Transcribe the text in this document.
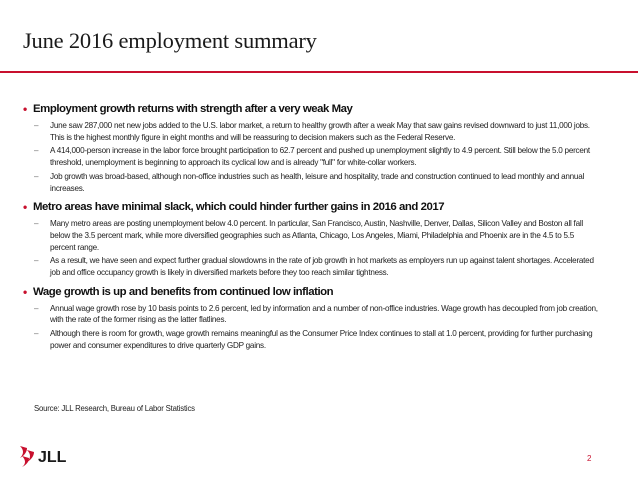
June 2016 employment summary
• Employment growth returns with strength after a very weak May
– June saw 287,000 net new jobs added to the U.S. labor market, a return to healthy growth after a weak May that saw gains revised downward to just 11,000 jobs. This is the highest monthly figure in eight months and will be reassuring to decision makers such as the Federal Reserve.
– A 414,000-person increase in the labor force brought participation to 62.7 percent and pushed up unemployment slightly to 4.9 percent. Still below the 5.0 percent threshold, unemployment is beginning to approach its cyclical low and is already "full" for white-collar workers.
– Job growth was broad-based, although non-office industries such as health, leisure and hospitality, trade and construction continued to lead monthly and annual increases.
• Metro areas have minimal slack, which could hinder further gains in 2016 and 2017
– Many metro areas are posting unemployment below 4.0 percent. In particular, San Francisco, Austin, Nashville, Denver, Dallas, Silicon Valley and Boston all fall below the 3.5 percent mark, while more diversified geographies such as Atlanta, Chicago, Los Angeles, Miami, Philadelphia and Phoenix are in the 4.5 to 5.5 percent range.
– As a result, we have seen and expect further gradual slowdowns in the rate of job growth in hot markets as employers run up against talent shortages. Accelerated job and office occupancy growth is likely in diversified markets before they too reach similar tightness.
• Wage growth is up and benefits from continued low inflation
– Annual wage growth rose by 10 basis points to 2.6 percent, led by information and a number of non-office industries. Wage growth has decoupled from job creation, with the rate of the former rising as the latter flatlines.
– Although there is room for growth, wage growth remains meaningful as the Consumer Price Index continues to stall at 1.0 percent, providing for further purchasing power and consumer expenditures to drive quarterly GDP gains.
Source: JLL Research, Bureau of Labor Statistics
JLL	2
